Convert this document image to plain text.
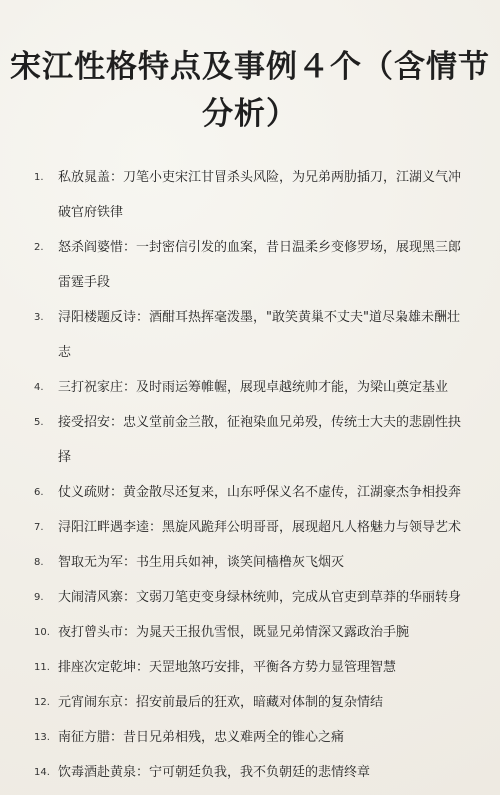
宋江性格特点及事例４个（含情节分析）
1. 私放晁盖：刀笔小吏宋江甘冒杀头风险，为兄弟两肋插刀，江湖义气冲破官府铁律
2. 怒杀阎婆惜：一封密信引发的血案，昔日温柔乡变修罗场，展现黑三郎雷霆手段
3. 浔阳楼题反诗：酒酣耳热挥毫泼墨，"敢笑黄巢不丈夫"道尽枭雄未酬壮志
4. 三打祝家庄：及时雨运筹帷幄，展现卓越统帅才能，为梁山奠定基业
5. 接受招安：忠义堂前金兰散，征袍染血兄弟殁，传统士大夫的悲剧性抉择
6. 仗义疏财：黄金散尽还复来，山东呼保义名不虚传，江湖豪杰争相投奔
7. 浔阳江畔遇李逵：黑旋风跪拜公明哥哥，展现超凡人格魅力与领导艺术
8. 智取无为军：书生用兵如神，谈笑间樯橹灰飞烟灭
9. 大闹清风寨：文弱刀笔吏变身绿林统帅，完成从官吏到草莽的华丽转身
10. 夜打曾头市：为晁天王报仇雪恨，既显兄弟情深又露政治手腕
11. 排座次定乾坤：天罡地煞巧安排，平衡各方势力显管理智慧
12. 元宵闹东京：招安前最后的狂欢，暗藏对体制的复杂情结
13. 南征方腊：昔日兄弟相残，忠义难两全的锥心之痛
14. 饮毒酒赴黄泉：宁可朝廷负我，我不负朝廷的悲情终章
